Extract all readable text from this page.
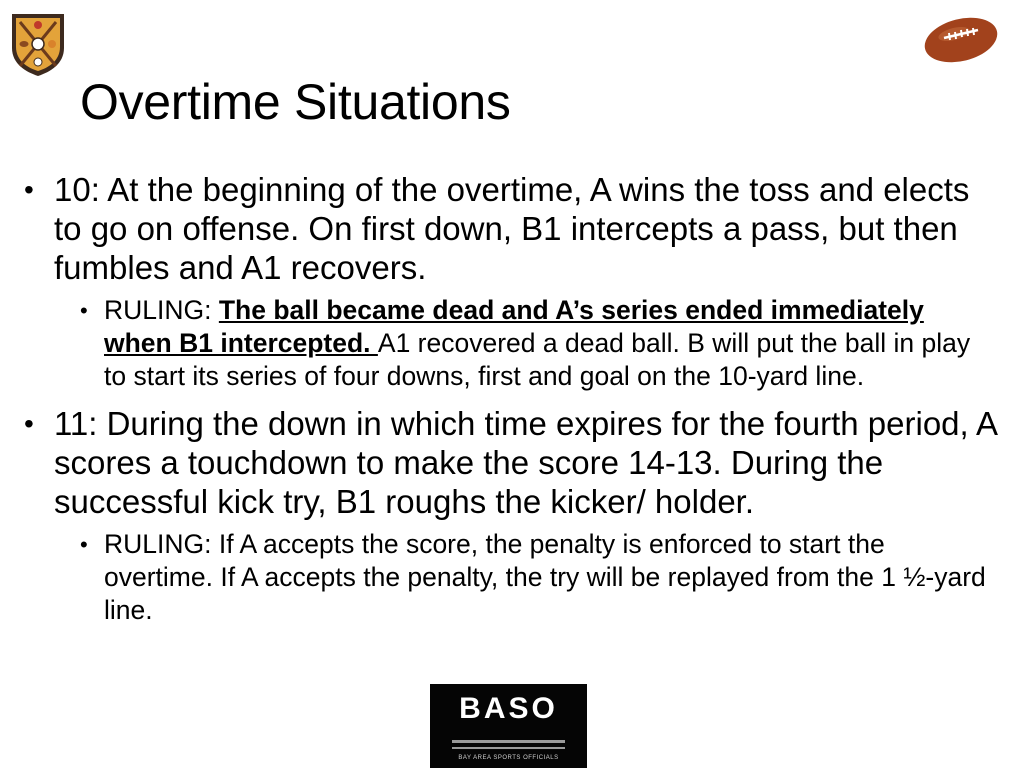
Overtime Situations
• 10: At the beginning of the overtime, A wins the toss and elects to go on offense. On first down, B1 intercepts a pass, but then fumbles and A1 recovers.
• RULING: The ball became dead and A’s series ended immediately when B1 intercepted. A1 recovered a dead ball. B will put the ball in play to start its series of four downs, first and goal on the 10-yard line.
• 11: During the down in which time expires for the fourth period, A scores a touchdown to make the score 14-13. During the successful kick try, B1 roughs the kicker/ holder.
• RULING: If A accepts the score, the penalty is enforced to start the overtime. If A accepts the penalty, the try will be replayed from the 1 ½-yard line.
BASO
BAY AREA SPORTS OFFICIALS
